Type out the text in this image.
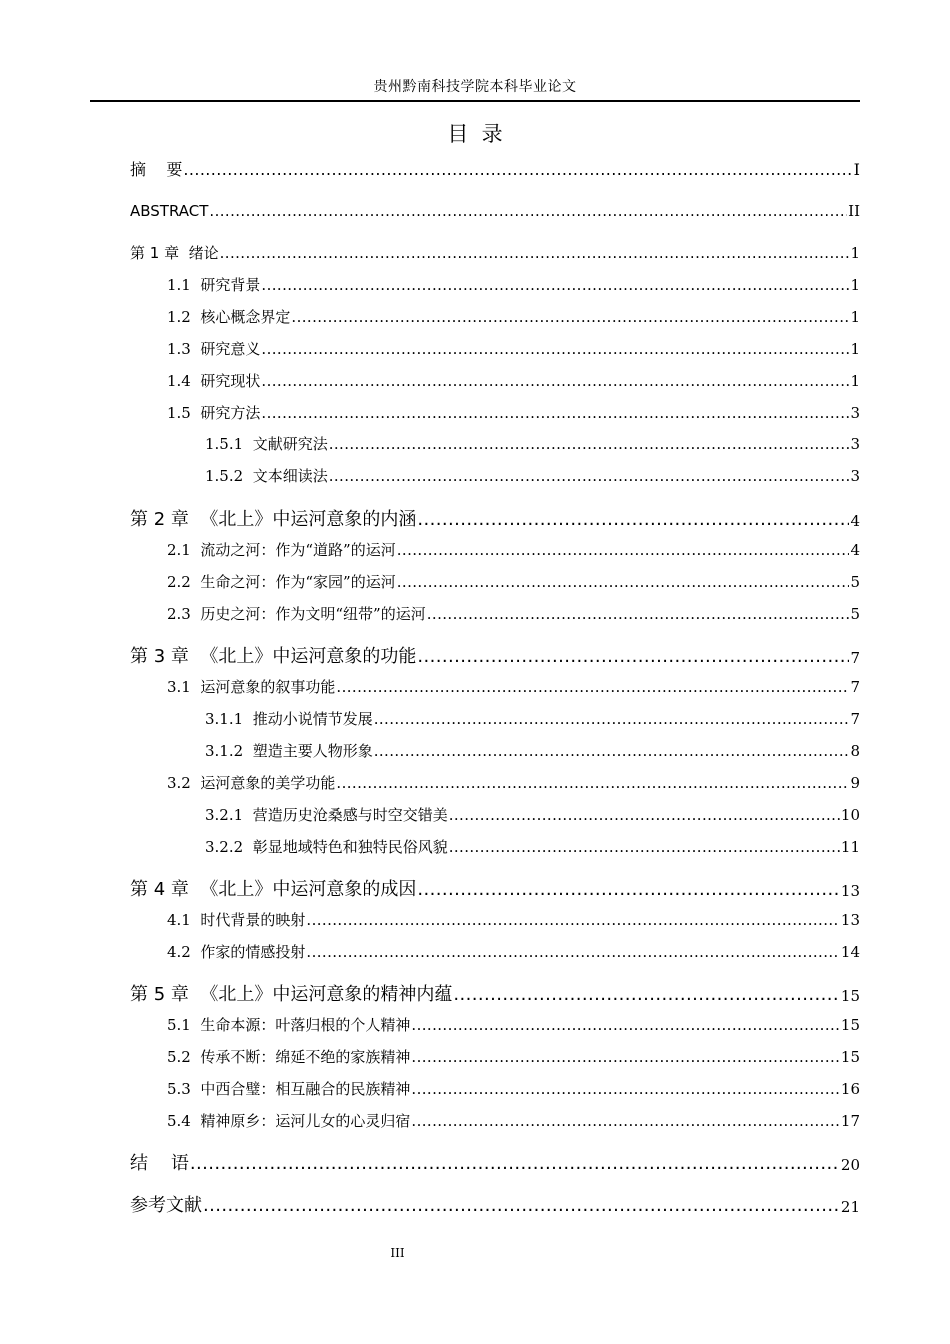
贵州黔南科技学院本科毕业论文
目  录
摘    要 .....	I
ABSTRACT .....	II
第 1 章  绪论 .....	1
1.1  研究背景 .....	1
1.2  核心概念界定 .....	1
1.3  研究意义 .....	1
1.4  研究现状 .....	1
1.5  研究方法 .....	3
1.5.1  文献研究法 .....	3
1.5.2  文本细读法 .....	3
第 2 章  《北上》中运河意象的内涵 .....	4
2.1  流动之河：作为“道路”的运河 .....	4
2.2  生命之河：作为“家园”的运河 .....	5
2.3  历史之河：作为文明“纽带”的运河 .....	5
第 3 章  《北上》中运河意象的功能 .....	7
3.1  运河意象的叙事功能 .....	7
3.1.1  推动小说情节发展 .....	7
3.1.2  塑造主要人物形象 .....	8
3.2  运河意象的美学功能 .....	9
3.2.1  营造历史沧桑感与时空交错美 .....	10
3.2.2  彰显地域特色和独特民俗风貌 .....	11
第 4 章  《北上》中运河意象的成因 .....	13
4.1  时代背景的映射 .....	13
4.2  作家的情感投射 .....	14
第 5 章  《北上》中运河意象的精神内蕴 .....	15
5.1  生命本源：叶落归根的个人精神 .....	15
5.2  传承不断：绵延不绝的家族精神 .....	15
5.3  中西合璧：相互融合的民族精神 .....	16
5.4  精神原乡：运河儿女的心灵归宿 .....	17
结    语 .....	20
参考文献 .....	21
III
